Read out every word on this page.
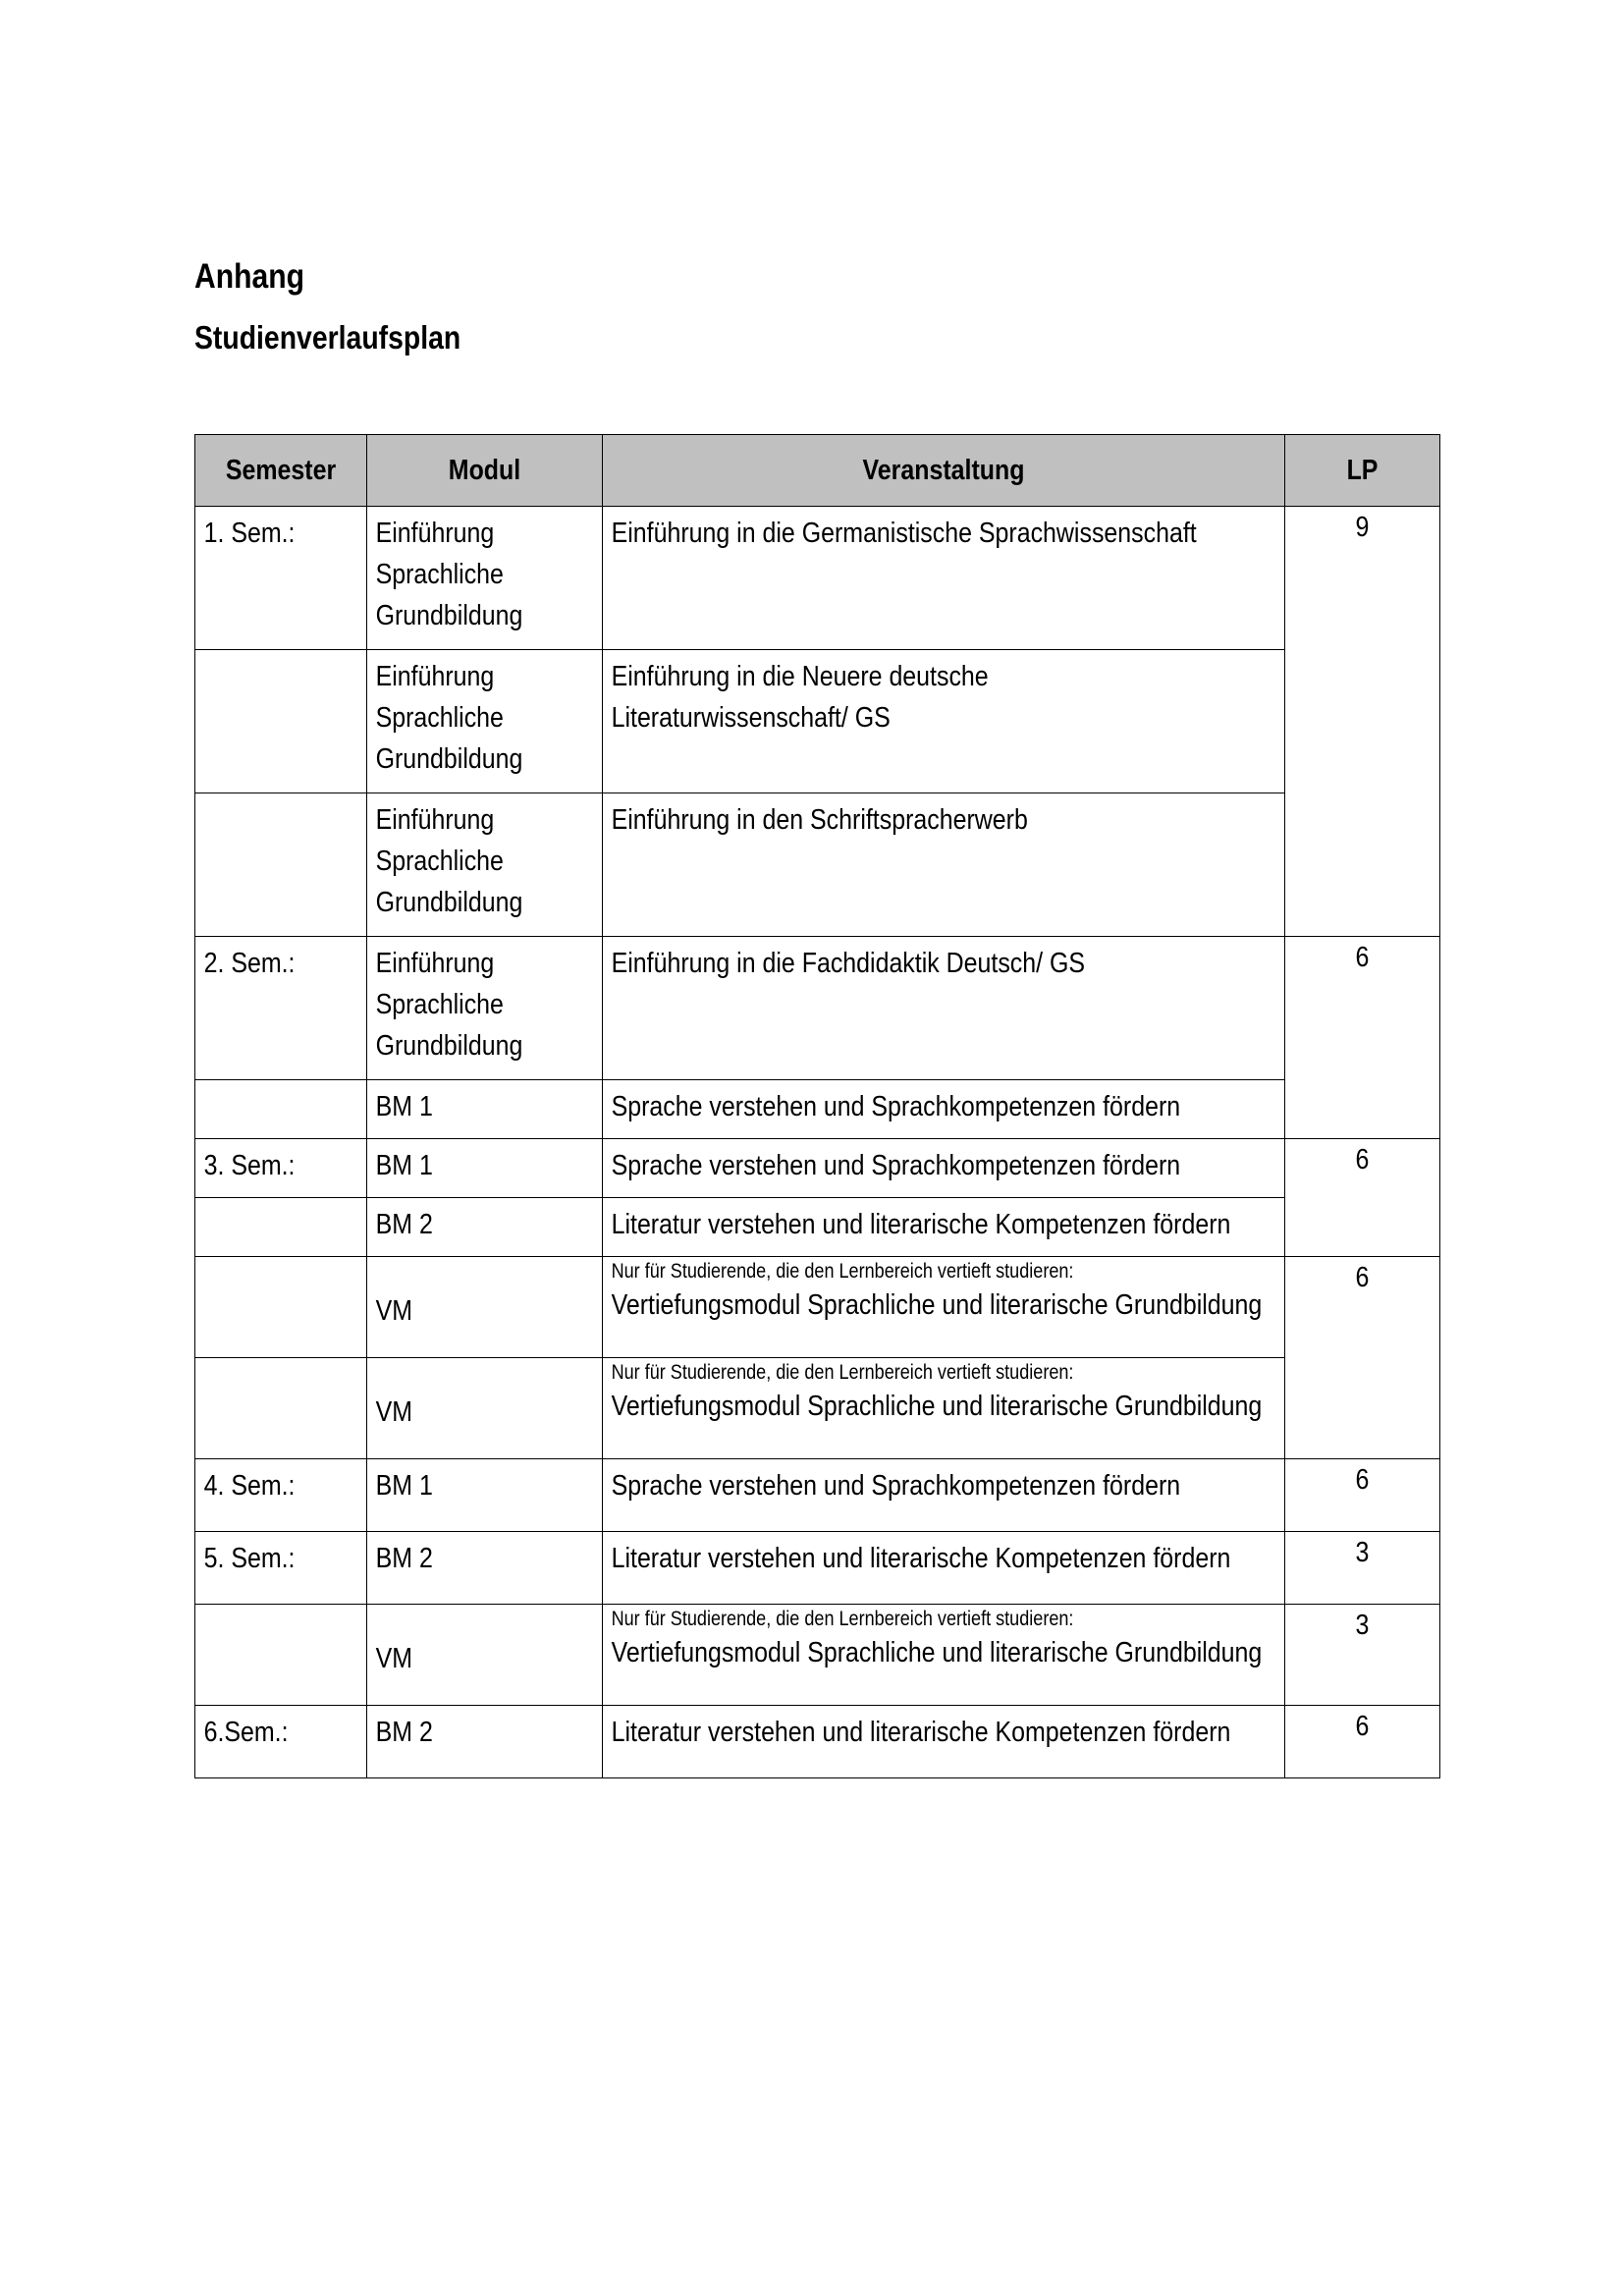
Anhang
Studienverlaufsplan
Semester	Modul	Veranstaltung	LP

1. Sem.:	Einführung
Sprachliche
Grundbildung	Einführung in die Germanistische Sprachwissenschaft	9

	Einführung
Sprachliche
Grundbildung	Einführung in die Neuere deutsche
Literaturwissenschaft/ GS	

	Einführung
Sprachliche
Grundbildung	Einführung in den Schriftspracherwerb	

2. Sem.:	Einführung
Sprachliche
Grundbildung	Einführung in die Fachdidaktik Deutsch/ GS	6

	BM 1	Sprache verstehen und Sprachkompetenzen fördern	

3. Sem.:	BM 1	Sprache verstehen und Sprachkompetenzen fördern	6

	BM 2	Literatur verstehen und literarische Kompetenzen fördern	

	VM	Nur für Studierende, die den Lernbereich vertieft studieren:
Vertiefungsmodul Sprachliche und literarische Grundbildung	6

	VM	Nur für Studierende, die den Lernbereich vertieft studieren:
Vertiefungsmodul Sprachliche und literarische Grundbildung	

4. Sem.:	BM 1	Sprache verstehen und Sprachkompetenzen fördern	6

5. Sem.:	BM 2	Literatur verstehen und literarische Kompetenzen fördern	3

	VM	Nur für Studierende, die den Lernbereich vertieft studieren:
Vertiefungsmodul Sprachliche und literarische Grundbildung	3

6.Sem.:	BM 2	Literatur verstehen und literarische Kompetenzen fördern	6
